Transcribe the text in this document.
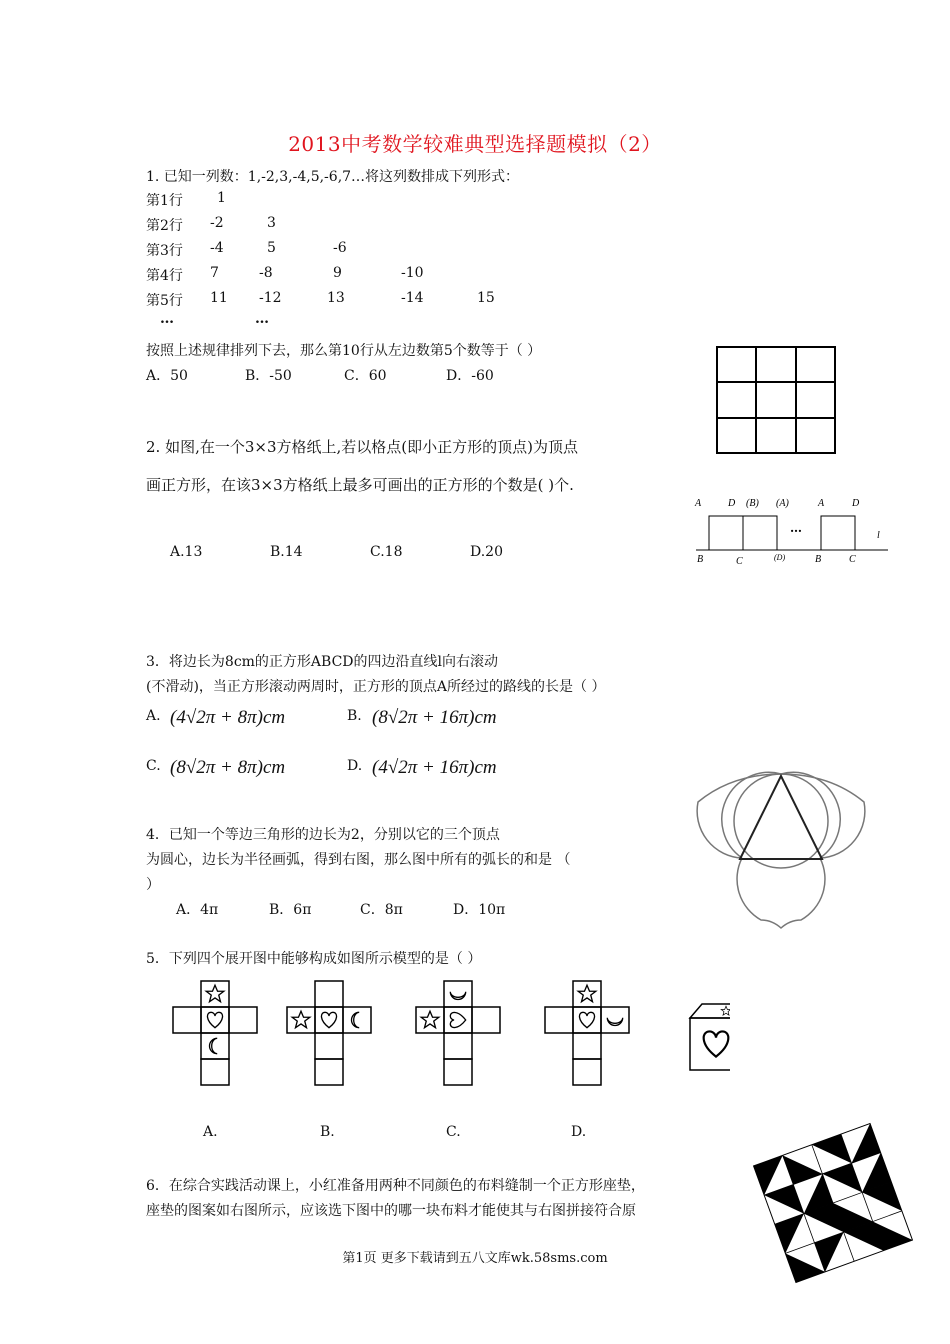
2013中考数学较难典型选择题模拟（2）
1. 已知一列数：1,-2,3,-4,5,-6,7…将这列数排成下列形式：
第1行 1
第2行 -2	3
第3行 -4	5	-6
第4行 7	-8	9	-10
第5行 11 -12	13	-14	15
…	…
按照上述规律排列下去，那么第10行从左边数第5个数等于（ ）
A．50	B．-50	C．60	D．-60
2. 如图,在一个3×3方格纸上,若以格点(即小正方形的顶点)为顶点
画正方形，在该3×3方格纸上最多可画出的正方形的个数是( )个.
A.13	B.14	C.18	D.20
A	D (B) (A)	A	D
B	C	(D)	B	C
l
…
3．将边长为8cm的正方形ABCD的四边沿直线l向右滚动
(不滑动)，当正方形滚动两周时，正方形的顶点A所经过的路线的长是（ ）
A. (4√2π + 8π)cm	B. (8√2π + 16π)cm
C. (8√2π + 8π)cm	D. (4√2π + 16π)cm
4．已知一个等边三角形的边长为2，分别以它的三个顶点
为圆心，边长为半径画弧，得到右图，那么图中所有的弧长的和是 （
）
A．4π	B．6π	C．8π	D．10π
5．下列四个展开图中能够构成如图所示模型的是（ ）
A.	B.	C.	D.
6．在综合实践活动课上，小红准备用两种不同颜色的布料缝制一个正方形座垫，
座垫的图案如右图所示，应该选下图中的哪一块布料才能使其与右图拼接符合原
第1页 更多下载请到五八文库wk.58sms.com
